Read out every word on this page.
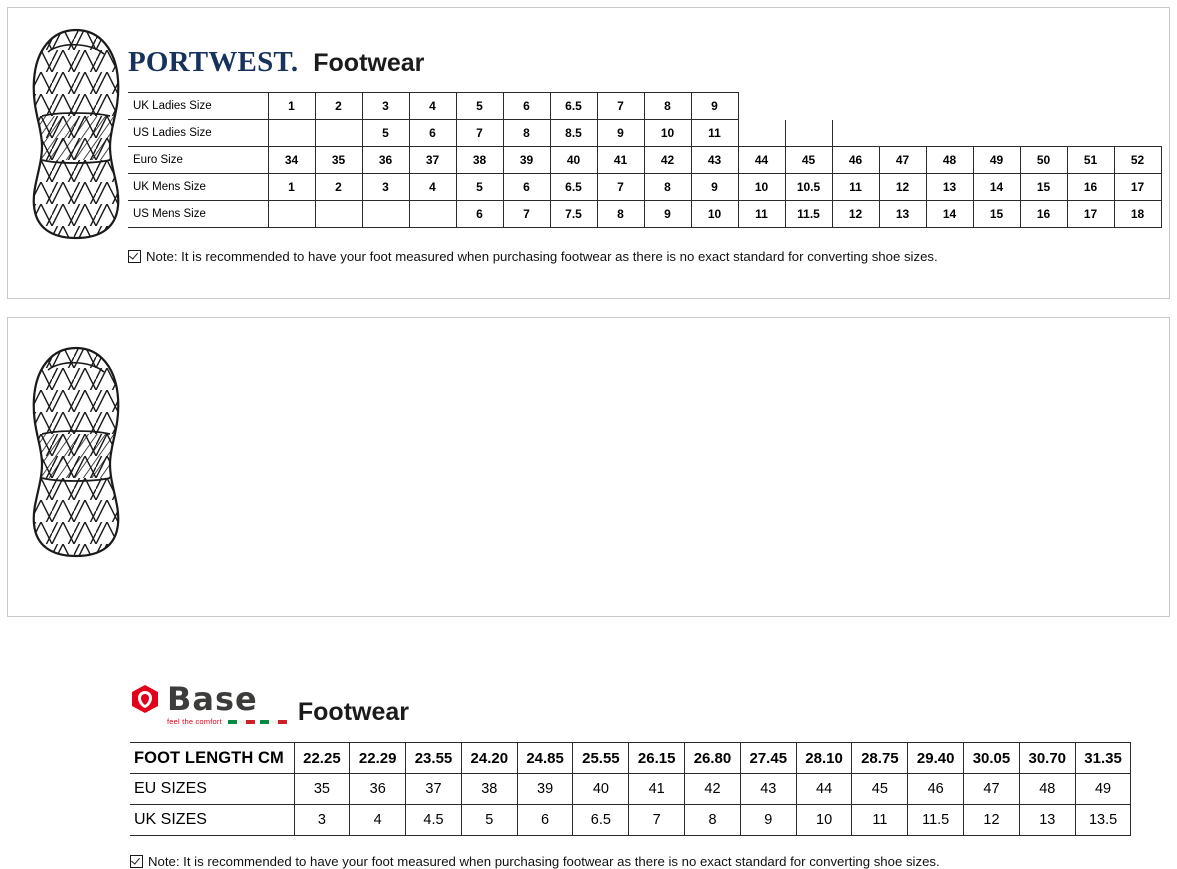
PORTWEST. Footwear
UK Ladies Size	1	2	3	4	5	6	6.5	7	8	9									
US Ladies Size			5	6	7	8	8.5	9	10	11									
Euro Size	34	35	36	37	38	39	40	41	42	43	44	45	46	47	48	49	50	51	52
UK Mens Size	1	2	3	4	5	6	6.5	7	8	9	10	10.5	11	12	13	14	15	16	17
US Mens Size					6	7	7.5	8	9	10	11	11.5	12	13	14	15	16	17	18
Note: It is recommended to have your foot measured when purchasing footwear as there is no exact standard for converting shoe sizes.
Base
feel the comfort	Footwear
FOOT LENGTH CM	22.25	22.29	23.55	24.20	24.85	25.55	26.15	26.80	27.45	28.10	28.75	29.40	30.05	30.70	31.35
EU SIZES	35	36	37	38	39	40	41	42	43	44	45	46	47	48	49
UK SIZES	3	4	4.5	5	6	6.5	7	8	9	10	11	11.5	12	13	13.5
Note: It is recommended to have your foot measured when purchasing footwear as there is no exact standard for converting shoe sizes.
